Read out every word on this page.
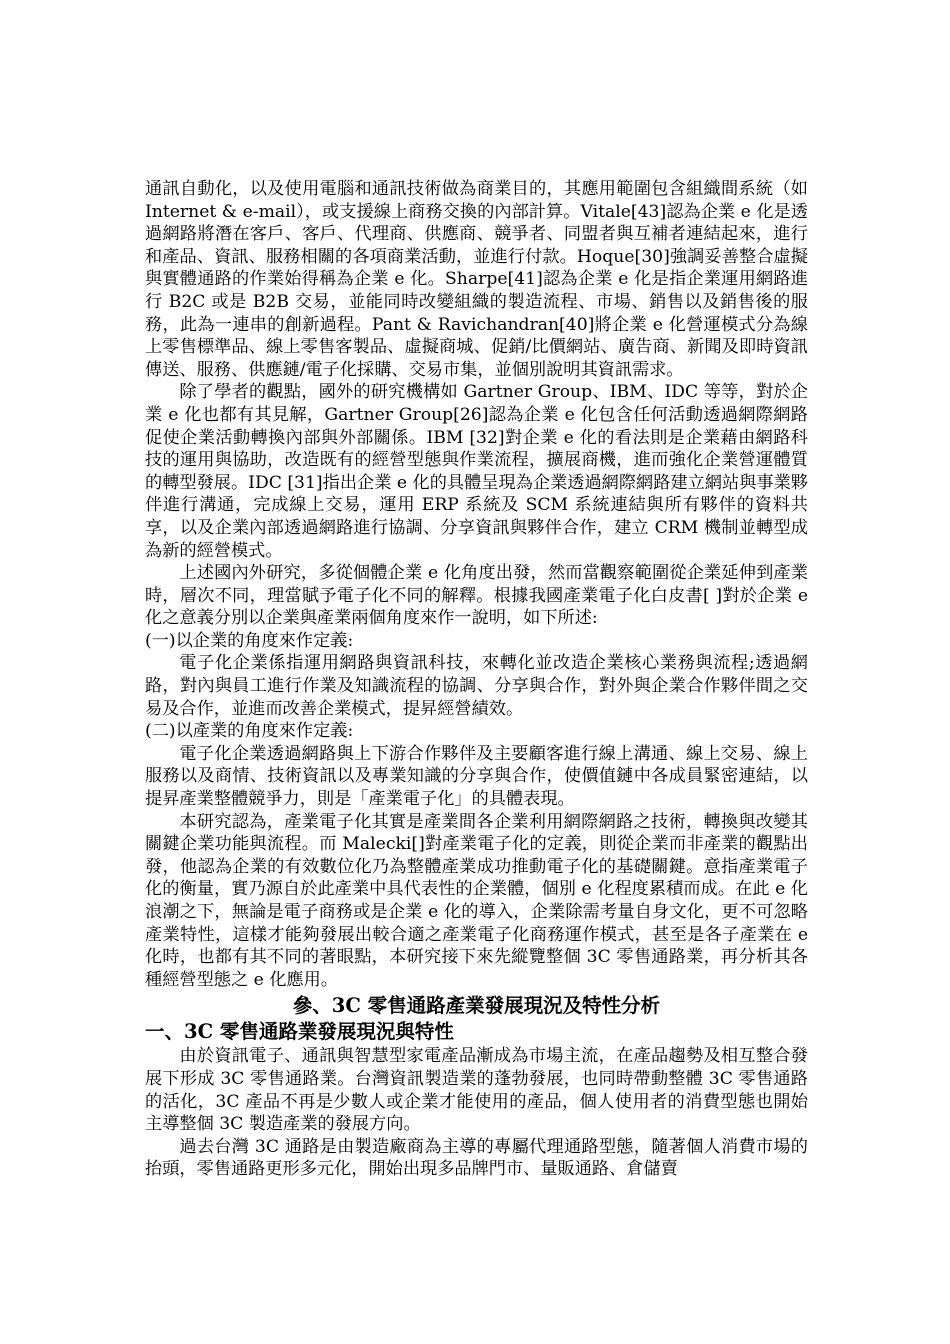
通訊自動化，以及使用電腦和通訊技術做為商業目的，其應用範圍包含組織間系統（如 Internet & e-mail），或支援線上商務交換的內部計算。Vitale[43]認為企業 e 化是透過網路將潛在客戶、客戶、代理商、供應商、競爭者、同盟者與互補者連結起來，進行和產品、資訊、服務相關的各項商業活動，並進行付款。Hoque[30]強調妥善整合虛擬與實體通路的作業始得稱為企業 e 化。Sharpe[41]認為企業 e 化是指企業運用網路進行 B2C 或是 B2B 交易，並能同時改變組織的製造流程、市場、銷售以及銷售後的服務，此為一連串的創新過程。Pant & Ravichandran[40]將企業 e 化營運模式分為線上零售標準品、線上零售客製品、虛擬商城、促銷/比價網站、廣告商、新聞及即時資訊傳送、服務、供應鏈/電子化採購、交易市集，並個別說明其資訊需求。

除了學者的觀點，國外的研究機構如 Gartner Group、IBM、IDC 等等，對於企業 e 化也都有其見解，Gartner Group[26]認為企業 e 化包含任何活動透過網際網路促使企業活動轉換內部與外部關係。IBM [32]對企業 e 化的看法則是企業藉由網路科技的運用與協助，改造既有的經營型態與作業流程，擴展商機，進而強化企業營運體質的轉型發展。IDC [31]指出企業 e 化的具體呈現為企業透過網際網路建立網站與事業夥伴進行溝通，完成線上交易，運用 ERP 系統及 SCM 系統連結與所有夥伴的資料共享，以及企業內部透過網路進行協調、分享資訊與夥伴合作，建立 CRM 機制並轉型成為新的經營模式。

上述國內外研究，多從個體企業 e 化角度出發，然而當觀察範圍從企業延伸到產業時，層次不同，理當賦予電子化不同的解釋。根據我國產業電子化白皮書[ ]對於企業 e 化之意義分別以企業與產業兩個角度來作一說明，如下所述:

(一)以企業的角度來作定義:

電子化企業係指運用網路與資訊科技，來轉化並改造企業核心業務與流程;透過網路，對內與員工進行作業及知識流程的協調、分享與合作，對外與企業合作夥伴間之交易及合作，並進而改善企業模式，提昇經營績效。

(二)以產業的角度來作定義:

電子化企業透過網路與上下游合作夥伴及主要顧客進行線上溝通、線上交易、線上服務以及商情、技術資訊以及專業知識的分享與合作，使價值鏈中各成員緊密連結，以提昇產業整體競爭力，則是「產業電子化」的具體表現。

本研究認為，產業電子化其實是產業間各企業利用網際網路之技術，轉換與改變其關鍵企業功能與流程。而 Malecki[]對產業電子化的定義，則從企業而非產業的觀點出發，他認為企業的有效數位化乃為整體產業成功推動電子化的基礎關鍵。意指產業電子化的衡量，實乃源自於此產業中具代表性的企業體，個別 e 化程度累積而成。在此 e 化浪潮之下，無論是電子商務或是企業 e 化的導入，企業除需考量自身文化，更不可忽略產業特性，這樣才能夠發展出較合適之產業電子化商務運作模式，甚至是各子產業在 e 化時，也都有其不同的著眼點，本研究接下來先縱覽整個 3C 零售通路業，再分析其各種經營型態之 e 化應用。

參、3C 零售通路產業發展現況及特性分析
一、3C 零售通路業發展現況與特性

由於資訊電子、通訊與智慧型家電產品漸成為市場主流，在產品趨勢及相互整合發展下形成 3C 零售通路業。台灣資訊製造業的蓬勃發展，也同時帶動整體 3C 零售通路的活化，3C 產品不再是少數人或企業才能使用的產品，個人使用者的消費型態也開始主導整個 3C 製造產業的發展方向。

過去台灣 3C 通路是由製造廠商為主導的專屬代理通路型態，隨著個人消費市場的抬頭，零售通路更形多元化，開始出現多品牌門市、量販通路、倉儲賣
